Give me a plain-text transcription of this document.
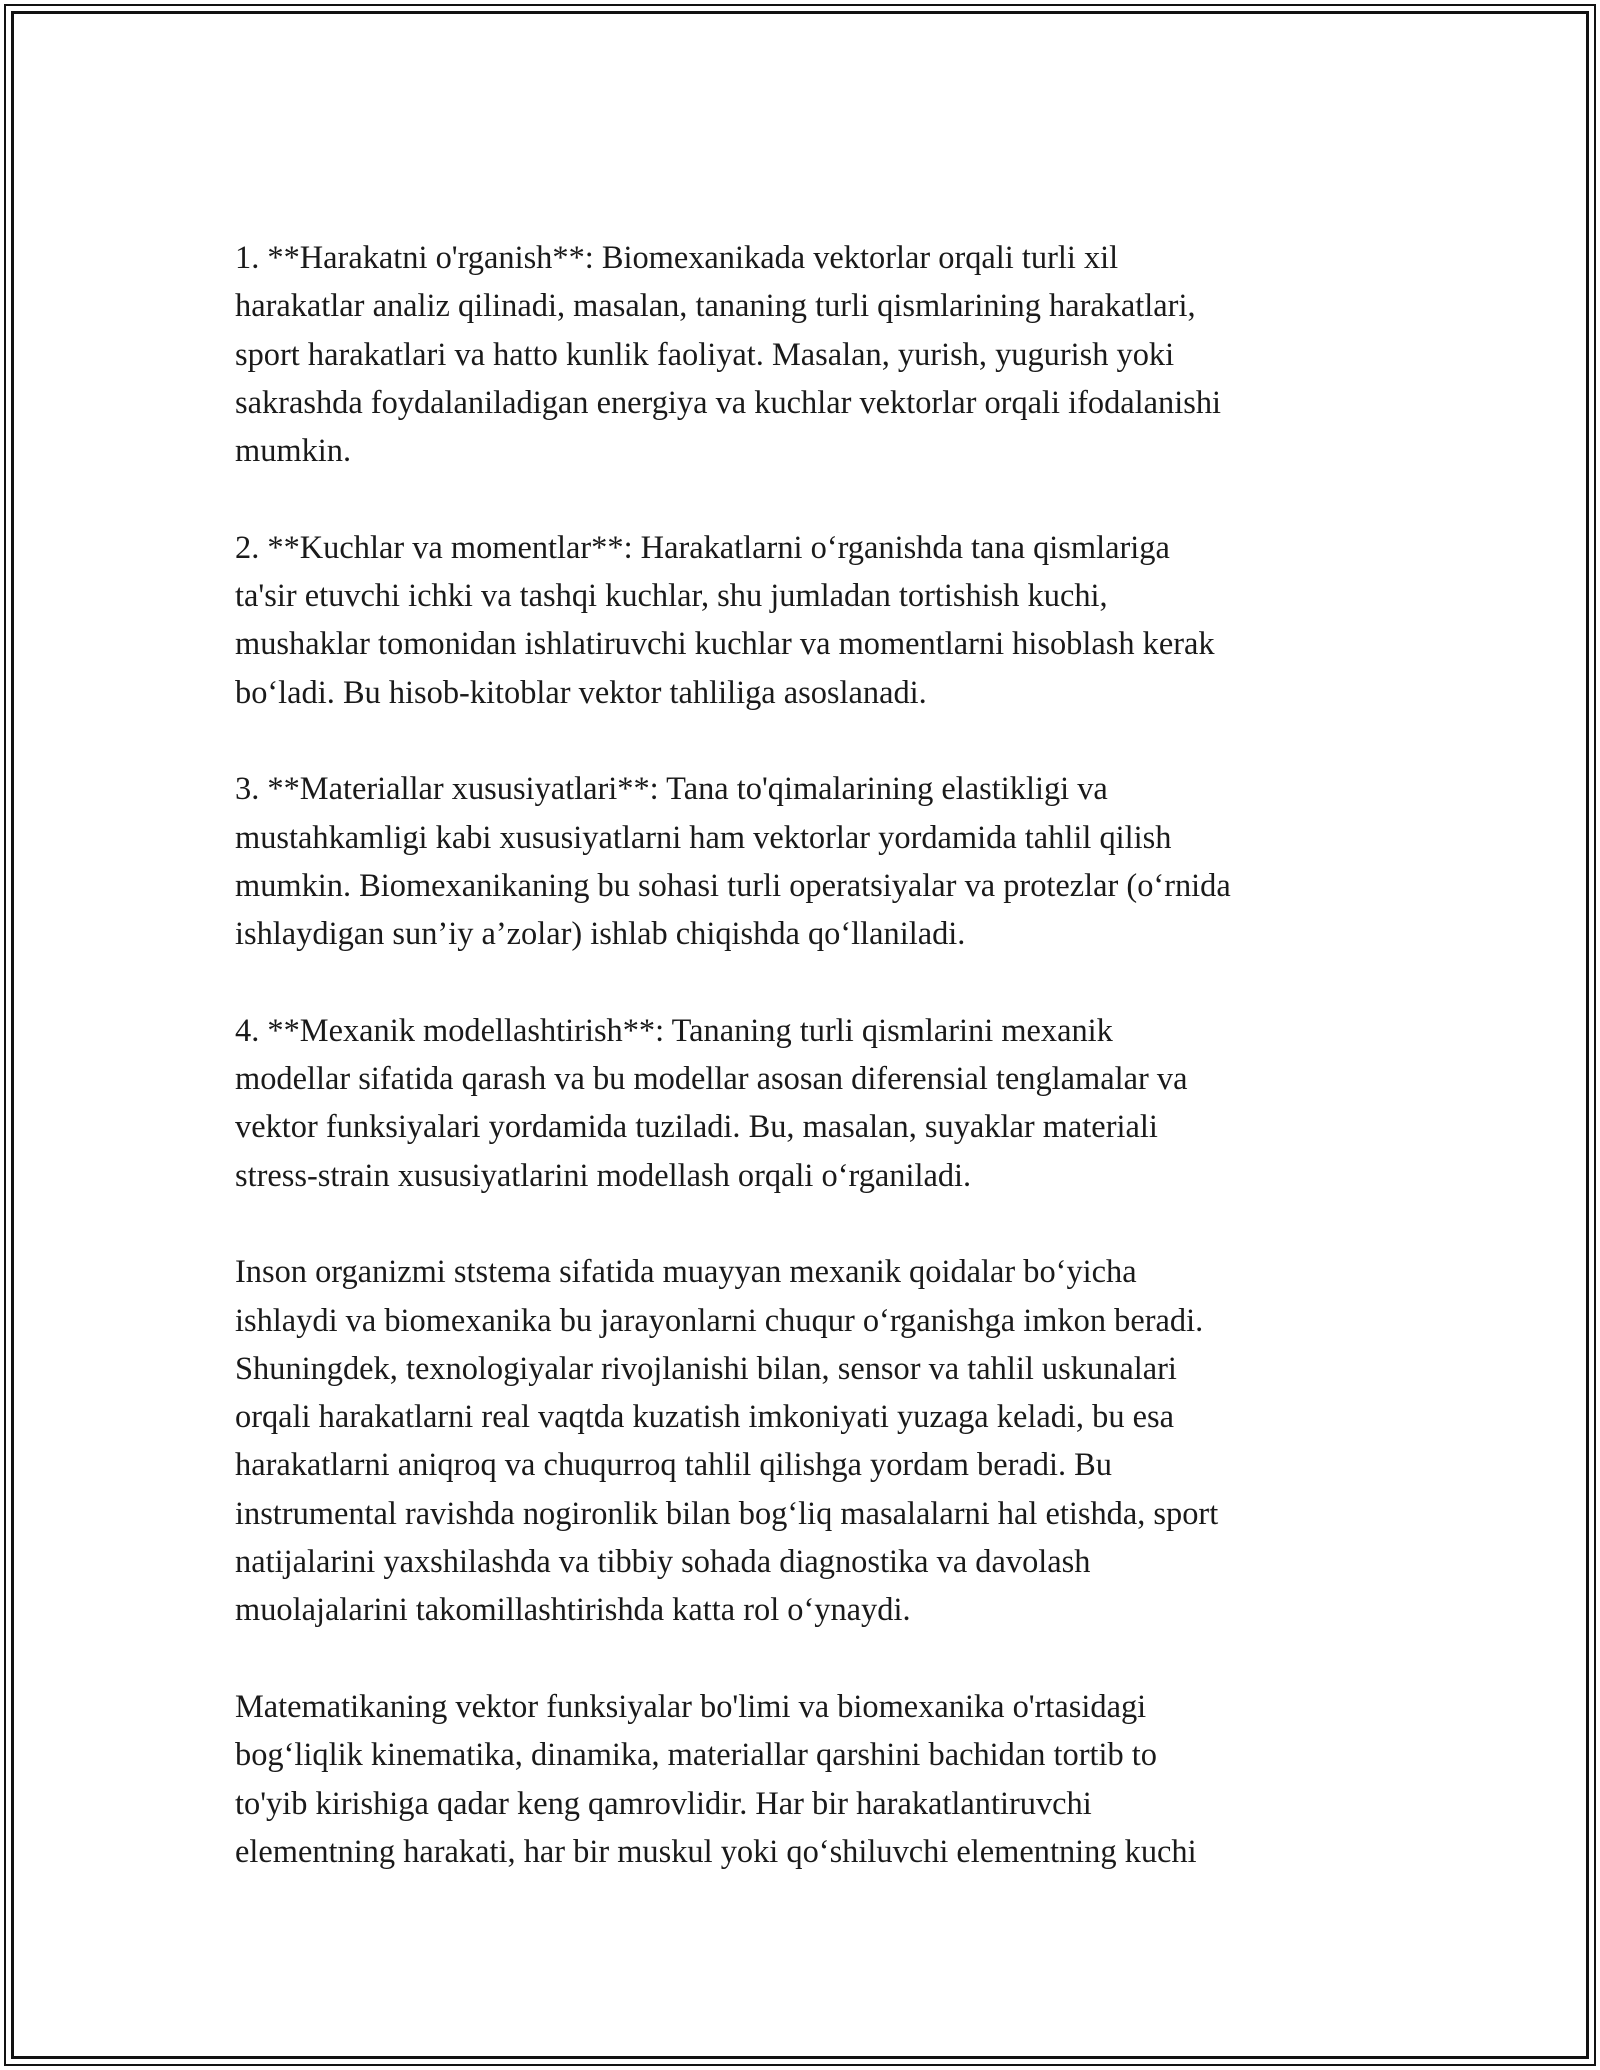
1. **Harakatni o'rganish**: Biomexanikada vektorlar orqali turli xil
harakatlar analiz qilinadi, masalan, tananing turli qismlarining harakatlari,
sport harakatlari va hatto kunlik faoliyat. Masalan, yurish, yugurish yoki
sakrashda foydalaniladigan energiya va kuchlar vektorlar orqali ifodalanishi
mumkin.

2. **Kuchlar va momentlar**: Harakatlarni o‘rganishda tana qismlariga
ta'sir etuvchi ichki va tashqi kuchlar, shu jumladan tortishish kuchi,
mushaklar tomonidan ishlatiruvchi kuchlar va momentlarni hisoblash kerak
bo‘ladi. Bu hisob-kitoblar vektor tahliliga asoslanadi.

3. **Materiallar xususiyatlari**: Tana to'qimalarining elastikligi va
mustahkamligi kabi xususiyatlarni ham vektorlar yordamida tahlil qilish
mumkin. Biomexanikaning bu sohasi turli operatsiyalar va protezlar (o‘rnida
ishlaydigan sun’iy a’zolar) ishlab chiqishda qo‘llaniladi.

4. **Mexanik modellashtirish**: Tananing turli qismlarini mexanik
modellar sifatida qarash va bu modellar asosan diferensial tenglamalar va
vektor funksiyalari yordamida tuziladi. Bu, masalan, suyaklar materiali
stress-strain xususiyatlarini modellash orqali o‘rganiladi.

Inson organizmi ststema sifatida muayyan mexanik qoidalar bo‘yicha
ishlaydi va biomexanika bu jarayonlarni chuqur o‘rganishga imkon beradi.
Shuningdek, texnologiyalar rivojlanishi bilan, sensor va tahlil uskunalari
orqali harakatlarni real vaqtda kuzatish imkoniyati yuzaga keladi, bu esa
harakatlarni aniqroq va chuqurroq tahlil qilishga yordam beradi. Bu
instrumental ravishda nogironlik bilan bog‘liq masalalarni hal etishda, sport
natijalarini yaxshilashda va tibbiy sohada diagnostika va davolash
muolajalarini takomillashtirishda katta rol o‘ynaydi.

Matematikaning vektor funksiyalar bo'limi va biomexanika o'rtasidagi
bog‘liqlik kinematika, dinamika, materiallar qarshini bachidan tortib to
to'yib kirishiga qadar keng qamrovlidir. Har bir harakatlantiruvchi
elementning harakati, har bir muskul yoki qo‘shiluvchi elementning kuchi
